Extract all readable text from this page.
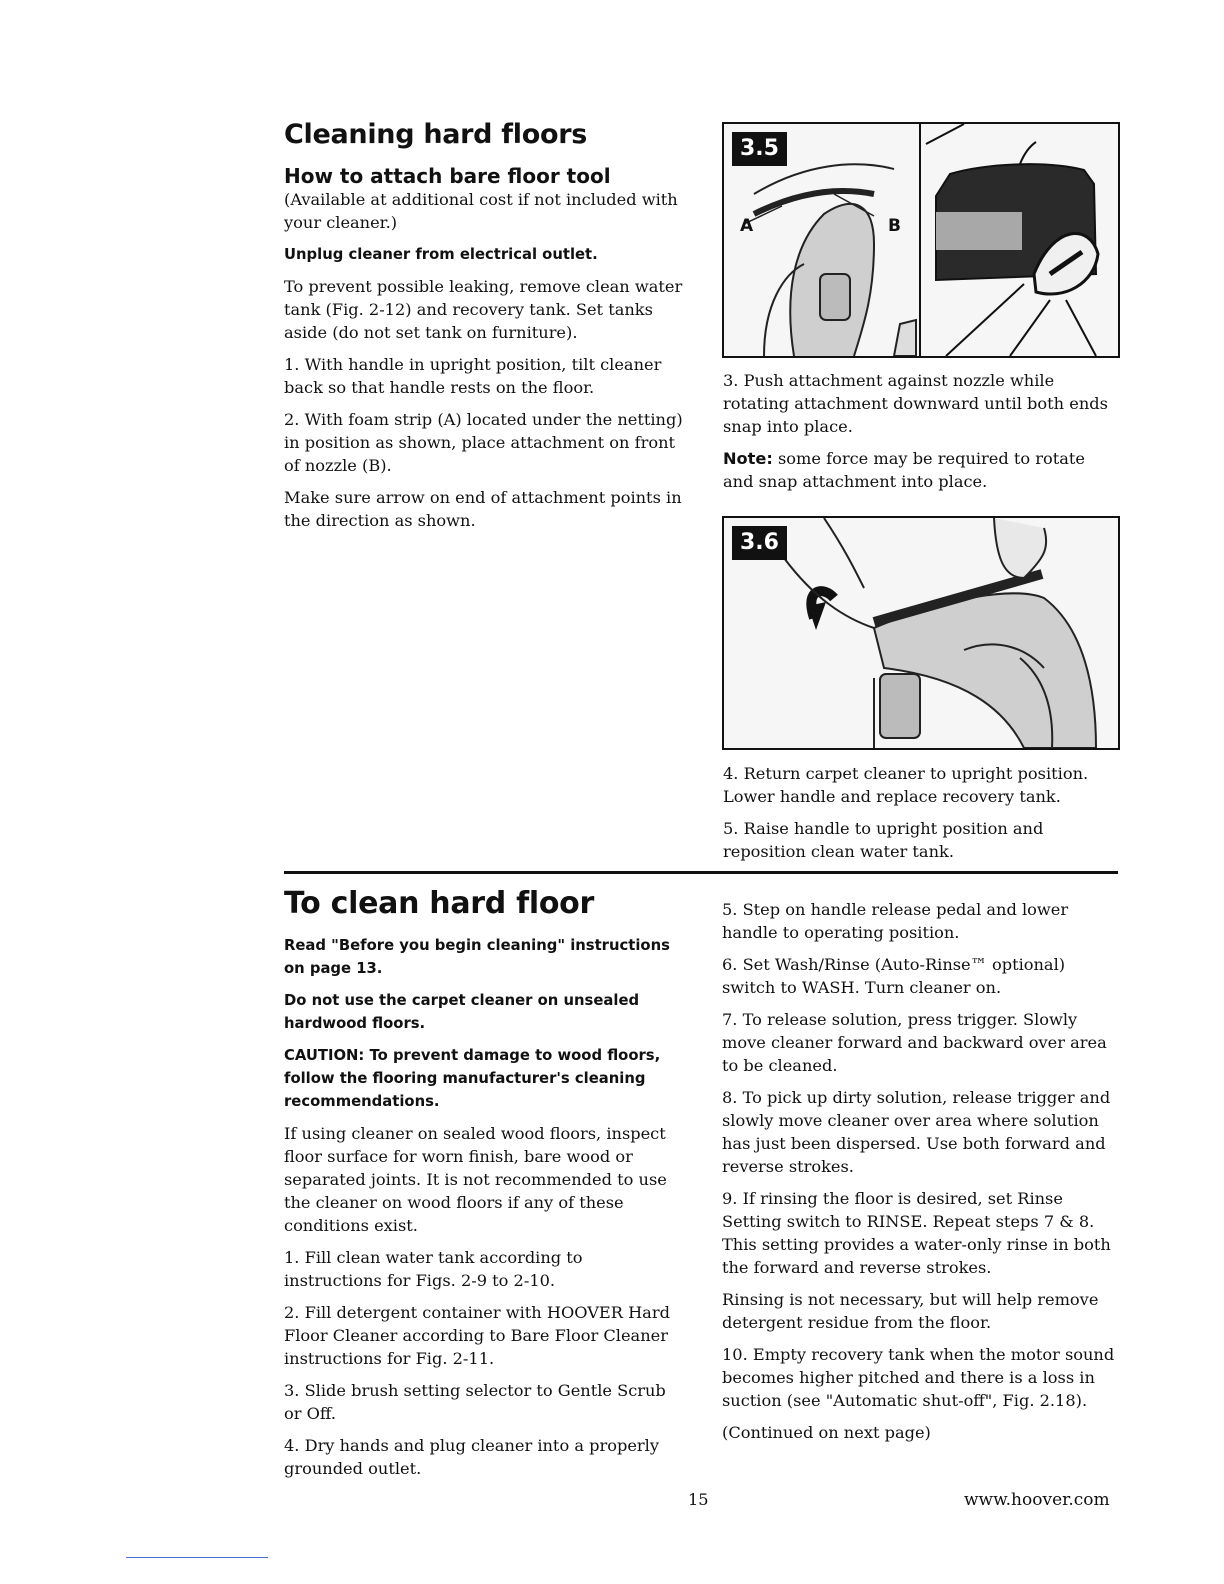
Cleaning hard floors
How to attach bare floor tool

(Available at additional cost if not included with your cleaner.)

Unplug cleaner from electrical outlet.

To prevent possible leaking, remove clean water tank (Fig. 2-12) and recovery tank. Set tanks aside (do not set tank on furniture).

1. With handle in upright position, tilt cleaner back so that handle rests on the floor.

2. With foam strip (A) located under the netting) in position as shown, place attachment on front of nozzle (B).

Make sure arrow on end of attachment points in the direction as shown.

3.5
A	B

3. Push attachment against nozzle while rotating attachment downward until both ends snap into place.

Note: some force may be required to rotate and snap attachment into place.

3.6

4. Return carpet cleaner to upright position. Lower handle and replace recovery tank.

5. Raise handle to upright position and reposition clean water tank.

To clean hard floor

Read "Before you begin cleaning" instructions on page 13.

Do not use the carpet cleaner on unsealed hardwood floors.

CAUTION: To prevent damage to wood floors, follow the flooring manufacturer's cleaning recommendations.

If using cleaner on sealed wood floors, inspect floor surface for worn finish, bare wood or separated joints. It is not recommended to use the cleaner on wood floors if any of these conditions exist.

1. Fill clean water tank according to instructions for Figs. 2-9 to 2-10.

2. Fill detergent container with HOOVER Hard Floor Cleaner according to Bare Floor Cleaner instructions for Fig. 2-11.

3. Slide brush setting selector to Gentle Scrub or Off.

4. Dry hands and plug cleaner into a properly grounded outlet.

5. Step on handle release pedal and lower handle to operating position.

6. Set Wash/Rinse (Auto-Rinse™ optional) switch to WASH. Turn cleaner on.

7. To release solution, press trigger. Slowly move cleaner forward and backward over area to be cleaned.

8. To pick up dirty solution, release trigger and slowly move cleaner over area where solution has just been dispersed. Use both forward and reverse strokes.

9. If rinsing the floor is desired, set Rinse Setting switch to RINSE. Repeat steps 7 & 8. This setting provides a water-only rinse in both the forward and reverse strokes.

Rinsing is not necessary, but will help remove detergent residue from the floor.

10. Empty recovery tank when the motor sound becomes higher pitched and there is a loss in suction (see "Automatic shut-off", Fig. 2.18).

(Continued on next page)

15	www.hoover.com
